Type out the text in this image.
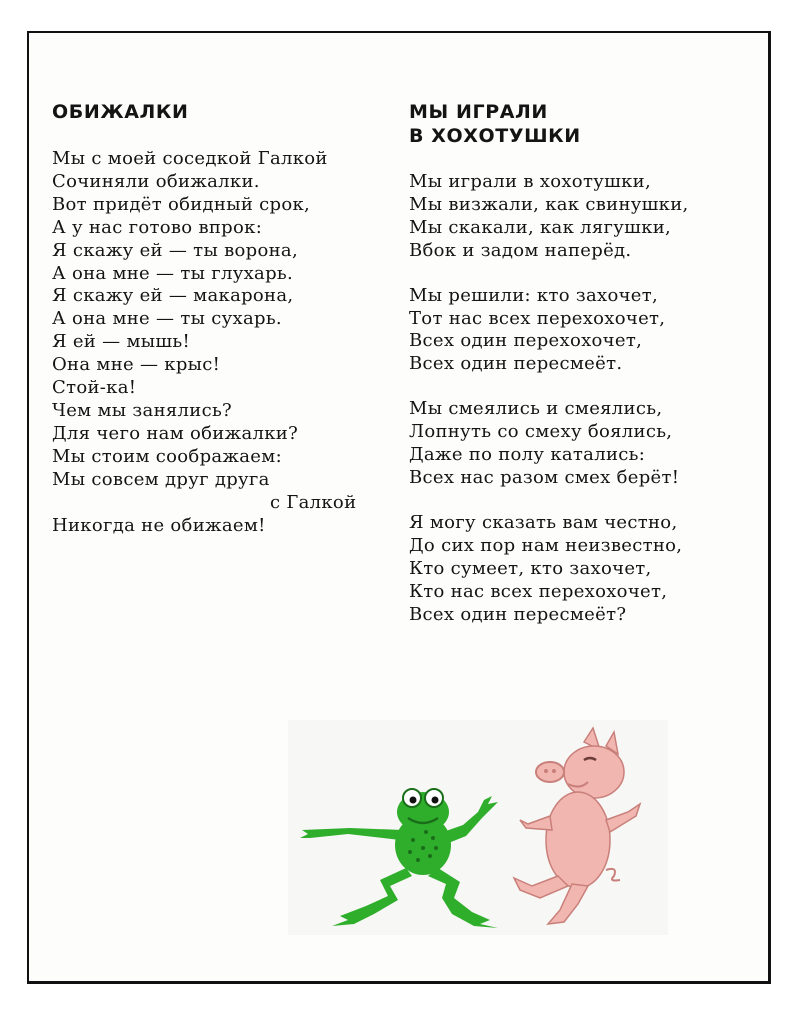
ОБИЖАЛКИ
Мы с моей соседкой Галкой
Сочиняли обижалки.
Вот придёт обидный срок,
А у нас готово впрок:
Я скажу ей — ты ворона,
А она мне — ты глухарь.
Я скажу ей — макарона,
А она мне — ты сухарь.
Я ей — мышь!
Она мне — крыс!
Стой-ка!
Чем мы занялись?
Для чего нам обижалки?
Мы стоим соображаем:
Мы совсем друг друга
с Галкой
Никогда не обижаем!
МЫ ИГРАЛИ
В ХОХОТУШКИ
Мы играли в хохотушки,
Мы визжали, как свинушки,
Мы скакали, как лягушки,
Вбок и задом наперёд.
Мы решили: кто захочет,
Тот нас всех перехохочет,
Всех один перехохочет,
Всех один пересмеёт.
Мы смеялись и смеялись,
Лопнуть со смеху боялись,
Даже по полу катались:
Всех нас разом смех берёт!
Я могу сказать вам честно,
До сих пор нам неизвестно,
Кто сумеет, кто захочет,
Кто нас всех перехохочет,
Всех один пересмеёт?
